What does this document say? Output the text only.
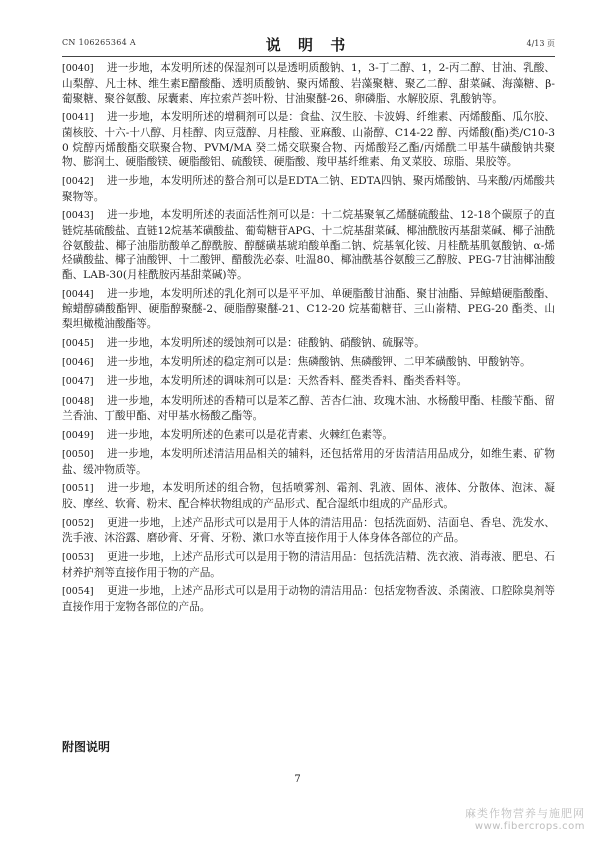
CN 106265364 A	说 明 书	4/13 页

[0040] 进一步地，本发明所述的保湿剂可以是透明质酸钠、1，3-丁二醇、1，2-丙二醇、甘油、乳酸、山梨醇、凡士林、维生素E醋酸酯、透明质酸钠、聚丙烯酸、岩藻聚糖、聚乙二醇、甜菜碱、海藻糖、β-葡聚糖、聚谷氨酸、尿囊素、库拉索芦荟叶粉、甘油聚醚-26、卵磷脂、水解胶原、乳酸钠等。

[0041] 进一步地，本发明所述的增稠剂可以是：食盐、汉生胶、卡波姆、纤维素、丙烯酸酯、瓜尔胶、菌核胶、十六-十八醇、月桂醇、肉豆蔻醇、月桂酸、亚麻酸、山嵛醇、C14-22 醇、丙烯酸(酯)类/C10-30 烷醇丙烯酸酯交联聚合物、PVM/MA 癸二烯交联聚合物、丙烯酸羟乙酯/丙烯酰二甲基牛磺酸钠共聚物、膨润土、硬脂酸镁、硬脂酸铝、硫酸镁、硬脂酸、羧甲基纤维素、角叉菜胶、琼脂、果胶等。

[0042] 进一步地，本发明所述的螯合剂可以是EDTA二钠、EDTA四钠、聚丙烯酸钠、马来酸/丙烯酸共聚物等。

[0043] 进一步地，本发明所述的表面活性剂可以是：十二烷基聚氧乙烯醚硫酸盐、12-18个碳原子的直链烷基硫酸盐、直链12烷基苯磺酸盐、葡萄糖苷APG、十二烷基甜菜碱、椰油酰胺丙基甜菜碱、椰子油酰谷氨酸盐、椰子油脂肪酸单乙醇酰胺、醇醚磺基琥珀酸单酯二钠、烷基氧化铵、月桂酰基肌氨酸钠、α-烯烃磺酸盐、椰子油酸钾、十二酸钾、醋酸洗必泰、吐温80、椰油酰基谷氨酸三乙醇胺、PEG-7甘油椰油酸酯、LAB-30(月桂酰胺丙基甜菜碱)等。

[0044] 进一步地，本发明所述的乳化剂可以是平平加、单硬脂酸甘油酯、聚甘油酯、异鲸蜡硬脂酸酯、鲸蜡醇磷酸酯钾、硬脂醇聚醚-2、硬脂醇聚醚-21、C12-20 烷基葡糖苷、三山嵛精、PEG-20 酯类、山梨坦橄榄油酸酯等。

[0045] 进一步地，本发明所述的缓蚀剂可以是：硅酸钠、硝酸钠、硫脲等。

[0046] 进一步地，本发明所述的稳定剂可以是：焦磷酸钠、焦磷酸钾、二甲苯磺酸钠、甲酸钠等。

[0047] 进一步地，本发明所述的调味剂可以是：天然香料、醛类香料、酯类香料等。

[0048] 进一步地，本发明所述的香精可以是苯乙醇、苦杏仁油、玫瑰木油、水杨酸甲酯、桂酸苄酯、留兰香油、丁酸甲酯、对甲基水杨酸乙酯等。

[0049] 进一步地，本发明所述的色素可以是花青素、火棘红色素等。

[0050] 进一步地，本发明所述清洁用品相关的辅料，还包括常用的牙齿清洁用品成分，如维生素、矿物盐、缓冲物质等。

[0051] 进一步地，本发明所述的组合物，包括喷雾剂、霜剂、乳液、固体、液体、分散体、泡沫、凝胶、摩丝、软膏、粉末、配合棒状物组成的产品形式、配合湿纸巾组成的产品形式。

[0052] 更进一步地，上述产品形式可以是用于人体的清洁用品：包括洗面奶、洁面皂、香皂、洗发水、洗手液、沐浴露、磨砂膏、牙膏、牙粉、漱口水等直接作用于人体身体各部位的产品。

[0053] 更进一步地，上述产品形式可以是用于物的清洁用品：包括洗洁精、洗衣液、消毒液、肥皂、石材养护剂等直接作用于物的产品。

[0054] 更进一步地，上述产品形式可以是用于动物的清洁用品：包括宠物香波、杀菌液、口腔除臭剂等直接作用于宠物各部位的产品。

附图说明
7
麻类作物营养与施肥网
www.fibercrops.com
